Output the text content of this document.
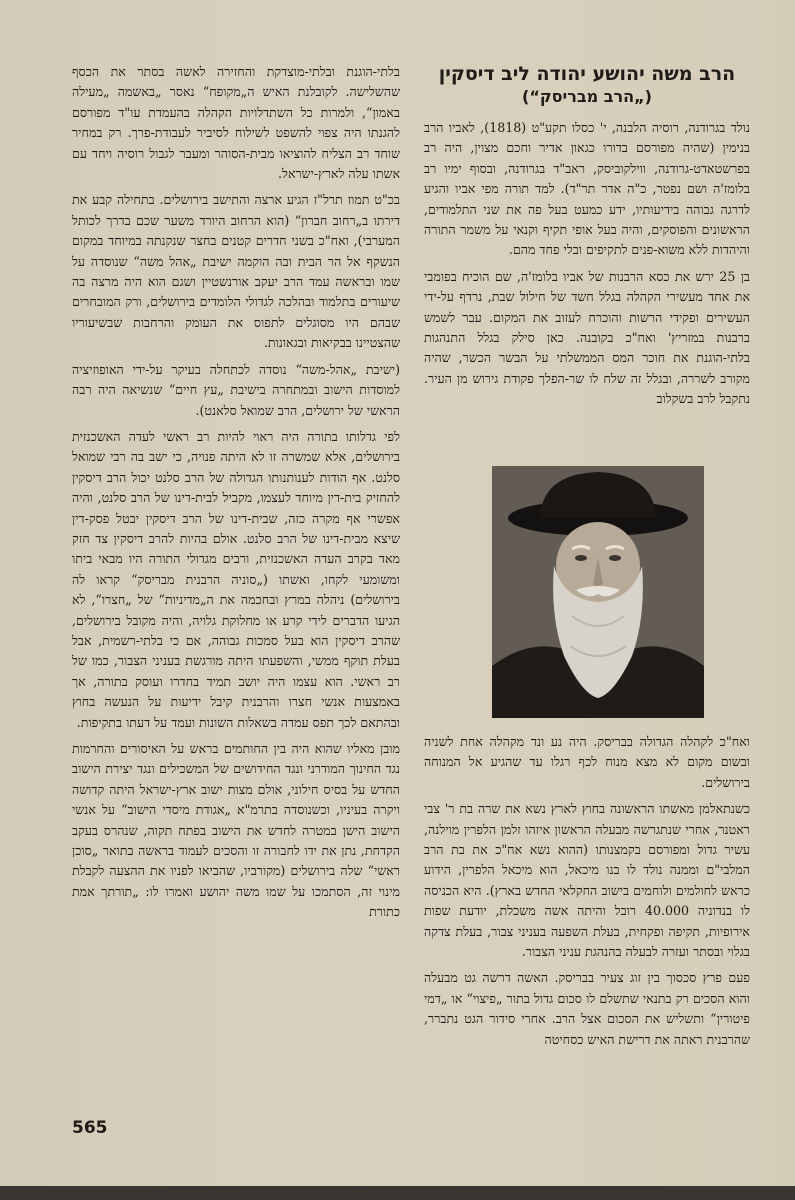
הרב משה יהושע יהודה ליב דיסקין
(„הרב מבריסק“)

נולד בגרודנה, רוסיה הלבנה, י' כסלו תקע"ט (1818), לאביו הרב בנימין (שהיה מפורסם בדורו כגאון אדיר וחכם מצוין, היה רב בפרשטאדט-גרודנה, ווילקוביסק, ראב"ד בגרודנה, ובסוף ימיו רב בלומז'ה ושם נפטר, כ"ה אדר תר"ד). למד תורה מפי אביו והגיע לדרגה גבוהה בידיעותיו, ידע כמעט בעל פה את שני התלמודים, הראשונים והפוסקים, והיה בעל אופי תקיף וקנאי על משמר התורה והיהדות ללא משוא-פנים לתקיפים ובלי פחד מהם.

בן 25 ירש את כסא הרבנות של אביו בלומז'ה, שם הוכיח בפומבי את אחד מעשירי הקהלה בגלל חשד של חילול שבת, נרדף על-ידי העשירים ופקידי הרשות והוכרח לעזוב את המקום. עבר לשמש ברבנות במזריץ' ואח"כ בקובנה. כאן סילק בגלל התנהגות בלתי-הוגנת את חוכר המס הממשלתי על הבשר הכשר, שהיה מקורב לשררה, ובגלל זה שלח לו שר-הפלך פקודת גירוש מן העיר. נתקבל לרב בשקלוב

ואח"כ לקהלה הגדולה בבריסק. היה נע ונד מקהלה אחת לשניה ובשום מקום לא מצא מנוח לכף רגלו עד שהגיע אל המנוחה בירושלים.

כשנתאלמן מאשתו הראשונה בחוץ לארץ נשא את שרה בת ר' צבי ראטנר, אחרי שנתגרשה מבעלה הראשון איזהו זלמן הלפרין מוילנה, עשיר גדול ומפורסם בקמצנותו (ההוא נשא אח"כ את בת הרב המלבי"ם וממנה נולד לו בנו מיכאל, הוא מיכאל הלפרין, הידוע כראש לחולמים ולוחמים בישוב החקלאי החדש בארץ). היא הכניסה לו בנדוניה 40.000 רובל והיתה אשה משכלת, יודעת שפות אירופיות, תקיפה ופקחית, בעלת השפעה בעניני צבור, בעלת צדקה בגלוי ובסתר ועזרה לבעלה בהנהגת עניני הצבור.

פעם פרץ סכסוך בין זוג צעיר בבריסק. האשה דרשה גט מבעלה והוא הסכים רק בתנאי שתשלם לו סכום גדול בתור „פיצוי“ או „דמי פיטורין“ ותשליש את הסכום אצל הרב. אחרי סידור הגט נתברר, שהרבנית ראתה את דרישת האיש כסחיטה

בלתי-הוגנת ובלתי-מוצדקת והחזירה לאשה בסתר את הכסף שהשלישה. לקובלנת האיש ה„מקופח“ נאסר „באשמה „מעילה באמון“, ולמרות כל השתדלויות הקהלה בהעמדת עו"ד מפורסם להגנתו היה צפוי להשפט לשילוח לסיביר לעבודת-פרך. רק במחיר שוחד רב הצליח להוציאו מבית-הסוהר ומעבר לגבול רוסיה ויחד עם אשתו עלה לארץ-ישראל.

בכ"ט תמוז תרל"ז הגיע ארצה והתישב בירושלים. בתחילה קבע את דירתו ב„רחוב חברון“ (הוא הרחוב היורד משער שכם בדרך לכותל המערבי), ואח"כ בשני חדרים קטנים בחצר שנקנתה במיוחד במקום הנשקף אל הר הבית ובה הוקמה ישיבת „אהל משה“ שנוסדה על שמו ובראשה עמד הרב יעקב אורנשטיין ושגם הוא היה מרצה בה שיעורים בתלמוד ובהלכה לגדולי הלומדים בירושלים, ורק המובחרים שבהם היו מסוגלים לתפוס את העומק והרחבות שבשיעוריו שהצטיינו בבקיאות ובגאונות.

(ישיבת „אהל-משה“ נוסדה לכתחלה בעיקר על-ידי האופוזיציה למוסדות הישוב ובמתחרה בישיבת „עץ חיים“ שנשיאה היה רבה הראשי של ירושלים, הרב שמואל סלאנט).

לפי גדלותו בתורה היה ראוי להיות רב ראשי לעדה האשכנזית בירושלים, אלא שמשרה זו לא היתה פנויה, כי ישב בה רבי שמואל סלנט. אף הודות לענותנותו הגדולה של הרב סלנט יכול הרב דיסקין להחזיק בית-דין מיוחד לעצמו, מקביל לבית-דינו של הרב סלנט, והיה אפשרי אף מקרה כזה, שבית-דינו של הרב דיסקין יבטל פסק-דין שיצא מבית-דינו של הרב סלנט. אולם בהיות להרב דיסקין צד חזק מאד בקרב העדה האשכנזית, ורבים מגדולי התורה היו מבאי ביתו ומשומעי לקחו, ואשתו („סוניה הרבנית מבריסק“ קראו לה בירושלים) ניהלה במרץ ובחכמה את ה„מדיניות“ של „חצרו“, לא הגיעו הדברים לידי קרע או מחלוקת גלויה, והיה מקובל בירושלים, שהרב דיסקין הוא בעל סמכות גבוהה, אם כי בלתי-רשמית, אבל בעלת תוקף ממשי, והשפעתו היתה מורגשת בעניני הצבור, כמו של רב ראשי. הוא עצמו היה יושב תמיד בחדרו ועוסק בתורה, אך באמצעות אנשי חצרו והרבנית קיבל ידיעות על הנעשה בחוץ ובהתאם לכך תפס עמדה בשאלות השונות ועמד על דעתו בתקיפות.

מובן מאליו שהוא היה בין החותמים בראש על האיסורים והחרמות נגד החינוך המודרני ונגד החידושים של המשכילים ונגד יצירת הישוב החדש על בסיס חילוני, אולם מצות ישוב ארץ-ישראל היתה קדושה ויקרה בעיניו, וכשנוסדה בתרמ"א „אגודת מיסדי הישוב“ על אנשי הישוב הישן במטרה לחדש את הישוב בפתח תקוה, שנהרס בעקב הקדחת, נתן את ידו לחבורה זו והסכים לעמוד בראשה בתואר „סוכן ראשי“ שלה בירושלים (מקורביו, שהביאו לפניו את ההצעה לקבלת מינוי זה, הסתמכו על שמו משה יהושע ואמרו לו: „תורתך אמת כתורת

565
